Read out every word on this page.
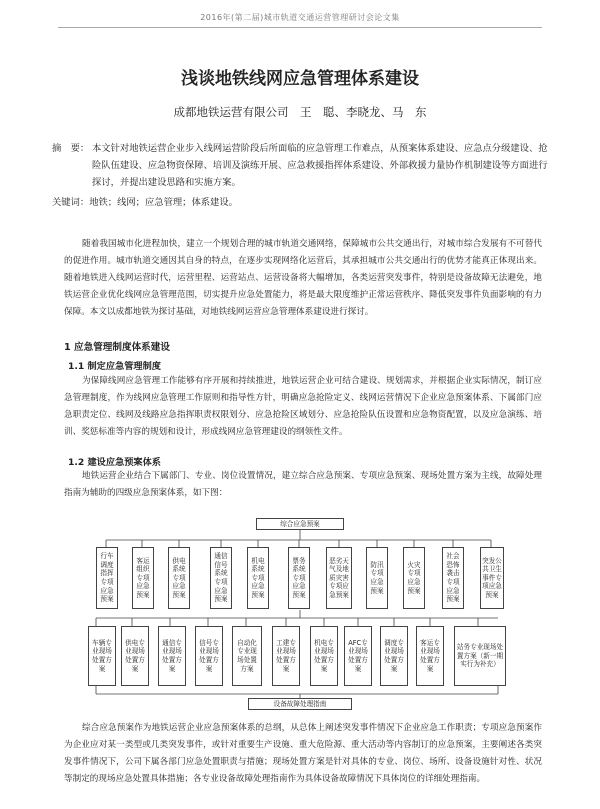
2016年(第二届)城市轨道交通运营管理研讨会论文集
浅谈地铁线网应急管理体系建设
成都地铁运营有限公司　王　聪、李晓龙、马　东
摘　要： 本文针对地铁运营企业步入线网运营阶段后所面临的应急管理工作难点，从预案体系建设、应急点分级建设、抢险队伍建设、应急物资保障、培训及演练开展、应急救援指挥体系建设、外部救援力量协作机制建设等方面进行探讨，并提出建设思路和实施方案。
关键词：地铁；线网；应急管理；体系建设。
随着我国城市化进程加快，建立一个规划合理的城市轨道交通网络，保障城市公共交通出行，对城市综合发展有不可替代的促进作用。城市轨道交通因其自身的特点，在逐步实现网络化运营后，其承担城市公共交通出行的优势才能真正体现出来。随着地铁进入线网运营时代，运营里程、运营站点、运营设备将大幅增加，各类运营突发事件，特别是设备故障无法避免，地铁运营企业优化线网应急管理范围，切实提升应急处置能力，将是最大限度维护正常运营秩序、降低突发事件负面影响的有力保障。本文以成都地铁为探讨基础，对地铁线网运营应急管理体系建设进行探讨。
1 应急管理制度体系建设
1.1 制定应急管理制度
为保障线网应急管理工作能够有序开展和持续推进，地铁运营企业可结合建设、规划需求，并根据企业实际情况，制订应急管理制度，作为线网应急管理工作原则和指导性方针，明确应急抢险定义、线网运营情况下企业应急预案体系、下属部门应急职责定位、线网及线路应急指挥职责权限划分、应急抢险区域划分、应急抢险队伍设置和应急物资配置，以及应急演练、培训、奖惩标准等内容的规划和设计，形成线网应急管理建设的纲领性文件。
1.2 建设应急预案体系
地铁运营企业结合下属部门、专业、岗位设置情况，建立综合应急预案、专项应急预案、现场处置方案为主线，故障处理指南为辅助的四级应急预案体系，如下图：
综合应急预案
行车调度指挥专项应急预案
客运组织专项应急预案
供电系统专项应急预案
通信信号系统专项应急预案
机电系统专项应急预案
票务系统专项应急预案
恶劣天气及地质灾害专项应急预案
防汛专项应急预案
火灾专项应急预案
社会恐怖袭击专项应急预案
突发公共卫生事件专项应急预案
车辆专业现场处置方案
供电专业现场处置方案
通信专业现场处置方案
信号专业现场处置方案
自动化专业现场处置方案
工建专业现场处置方案
机电专业现场处置方案
AFC专业现场处置方案
调度专业现场处置方案
客运专业现场处置方案
站务专业现场处置方案（新一期实行为补充）
设备故障处理指南
综合应急预案作为地铁运营企业应急预案体系的总纲，从总体上阐述突发事件情况下企业应急工作职责；专项应急预案作为企业应对某一类型或几类突发事件，或针对重要生产设施、重大危险源、重大活动等内容制订的应急预案，主要阐述各类突发事件情况下，公司下属各部门应急处置职责与措施；现场处置方案是针对具体的专业、岗位、场所、设备设施针对性、状况等制定的现场应急处置具体措施；各专业设备故障处理指南作为具体设备故障情况下具体岗位的详细处理指南。
